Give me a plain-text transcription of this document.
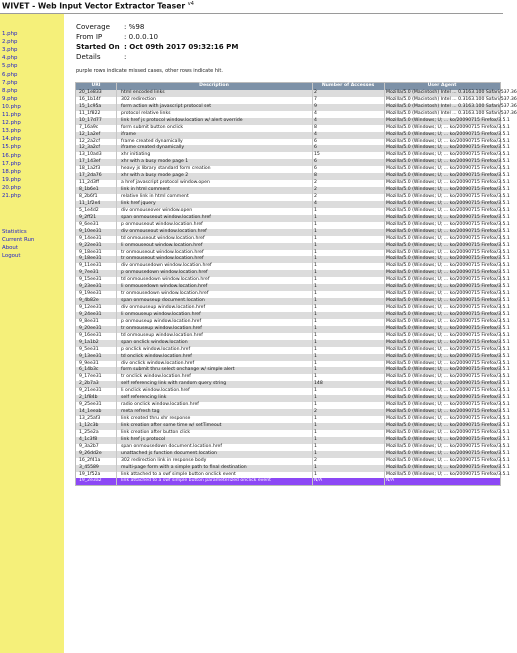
WIVET - Web Input Vector Extractor Teaser $^{v4}$
1.php
2.php
3.php
4.php
5.php
6.php
7.php
8.php
9.php
10.php
11.php
12.php
13.php
14.php
15.php
16.php
17.php
18.php
19.php
20.php
21.php
Statistics
Current Run
About
Logout
Coverage : %98
From IP	: 0.0.0.10
Started On : Oct 09th 2017 09:32:16 PM
Details	:
purple rows indicate missed cases, other rows indicate hit.
URI	Description	Number of Accesses	User Agent
20_1e833	html encoded links	2	Mozilla/5.0 (Macintosh) Intel ... 0.3163.100 Safari/537.36
16_1b14f	302 redirection	7	Mozilla/5.0 (Macintosh) Intel ... 0.3163.100 Safari/537.36
15_1c95a	form action with javascript protocol set	9	Mozilla/5.0 (Macintosh) Intel ... 0.3163.100 Safari/537.36
11_1f822	protocol relative links	4	Mozilla/5.0 (Macintosh) Intel ... 0.3163.100 Safari/537.36
10_17d77	link href js protocol window.location w/ alert override	4	Mozilla/5.0 (Windows; U; ... ko/20090715 Firefox/3.5.1
7_16a9c	form submit button onclick	8	Mozilla/5.0 (Windows; U; ... ko/20090715 Firefox/3.5.1
12_1a2ef	iframe	4	Mozilla/5.0 (Windows; U; ... ko/20090715 Firefox/3.5.1
12_2a2cf	frame created dynamically	6	Mozilla/5.0 (Windows; U; ... ko/20090715 Firefox/3.5.1
12_3a2cf	iframe created dynamically	6	Mozilla/5.0 (Windows; U; ... ko/20090715 Firefox/3.5.1
13_10ad3	xhr initiating	15	Mozilla/5.0 (Windows; U; ... ko/20090715 Firefox/3.5.1
17_143ef	xhr with a busy mode page 1	6	Mozilla/5.0 (Windows; U; ... ko/20090715 Firefox/3.5.1
18_1a2f3	heavy js library standard form creation	6	Mozilla/5.0 (Windows; U; ... ko/20090715 Firefox/3.5.1
17_2da76	xhr with a busy mode page 2	8	Mozilla/5.0 (Windows; U; ... ko/20090715 Firefox/3.5.1
11_2d3ff	a href javascript protocol window.open	2	Mozilla/5.0 (Windows; U; ... ko/20090715 Firefox/3.5.1
8_1b6e1	link in html comment	2	Mozilla/5.0 (Windows; U; ... ko/20090715 Firefox/3.5.1
8_2b6f1	relative link in html comment	2	Mozilla/5.0 (Windows; U; ... ko/20090715 Firefox/3.5.1
11_1f2e4	link href jquery	4	Mozilla/5.0 (Windows; U; ... ko/20090715 Firefox/3.5.1
5_1e4d2	div onmouseover window.open	1	Mozilla/5.0 (Windows; U; ... ko/20090715 Firefox/3.5.1
9_2ff21	span onmouseout window.location.href	1	Mozilla/5.0 (Windows; U; ... ko/20090715 Firefox/3.5.1
9_6ee31	p onmouseout window.location.href	1	Mozilla/5.0 (Windows; U; ... ko/20090715 Firefox/3.5.1
9_10ee31	div onmouseout window.location.href	1	Mozilla/5.0 (Windows; U; ... ko/20090715 Firefox/3.5.1
9_14ee31	td onmouseout window.location.href	1	Mozilla/5.0 (Windows; U; ... ko/20090715 Firefox/3.5.1
9_22ee31	li onmouseout window.location.href	1	Mozilla/5.0 (Windows; U; ... ko/20090715 Firefox/3.5.1
9_18ee31	tr onmouseout window.location.href	1	Mozilla/5.0 (Windows; U; ... ko/20090715 Firefox/3.5.1
9_18ee31	tr onmouseout window.location.href	1	Mozilla/5.0 (Windows; U; ... ko/20090715 Firefox/3.5.1
9_11ee31	div onmousedown window.location.href	1	Mozilla/5.0 (Windows; U; ... ko/20090715 Firefox/3.5.1
9_7ee31	p onmousedown window.location.href	1	Mozilla/5.0 (Windows; U; ... ko/20090715 Firefox/3.5.1
9_15ee31	td onmousedown window.location.href	1	Mozilla/5.0 (Windows; U; ... ko/20090715 Firefox/3.5.1
9_23ee31	li onmousedown window.location.href	1	Mozilla/5.0 (Windows; U; ... ko/20090715 Firefox/3.5.1
9_19ee31	tr onmousedown window.location.href	1	Mozilla/5.0 (Windows; U; ... ko/20090715 Firefox/3.5.1
9_4b82e	span onmouseup document.location	1	Mozilla/5.0 (Windows; U; ... ko/20090715 Firefox/3.5.1
9_12ee31	div onmouseup window.location.href	1	Mozilla/5.0 (Windows; U; ... ko/20090715 Firefox/3.5.1
9_24ee31	li onmouseup window.location.href	1	Mozilla/5.0 (Windows; U; ... ko/20090715 Firefox/3.5.1
9_8ee31	p onmouseup window.location.href	1	Mozilla/5.0 (Windows; U; ... ko/20090715 Firefox/3.5.1
9_20ee31	tr onmouseup window.location.href	1	Mozilla/5.0 (Windows; U; ... ko/20090715 Firefox/3.5.1
9_16ee31	td onmouseup window.location.href	1	Mozilla/5.0 (Windows; U; ... ko/20090715 Firefox/3.5.1
9_1a1b2	span onclick window.location	1	Mozilla/5.0 (Windows; U; ... ko/20090715 Firefox/3.5.1
9_5ee31	p onclick window.location.href	1	Mozilla/5.0 (Windows; U; ... ko/20090715 Firefox/3.5.1
9_13ee31	td onclick window.location.href	1	Mozilla/5.0 (Windows; U; ... ko/20090715 Firefox/3.5.1
9_9ee31	div onclick window.location.href	1	Mozilla/5.0 (Windows; U; ... ko/20090715 Firefox/3.5.1
6_14b3c	form submit thru select onchange w/ simple alert	1	Mozilla/5.0 (Windows; U; ... ko/20090715 Firefox/3.5.1
9_17ee31	tr onclick window.location.href	1	Mozilla/5.0 (Windows; U; ... ko/20090715 Firefox/3.5.1
2_2b7a3	self referencing link with random query string	148	Mozilla/5.0 (Windows; U; ... ko/20090715 Firefox/3.5.1
9_21ee31	li onclick window.location.href	1	Mozilla/5.0 (Windows; U; ... ko/20090715 Firefox/3.5.1
2_1f84b	self referencing link	1	Mozilla/5.0 (Windows; U; ... ko/20090715 Firefox/3.5.1
9_25ee31	radio onclick window.location.href	1	Mozilla/5.0 (Windows; U; ... ko/20090715 Firefox/3.5.1
14_1eeab	meta refresh tag	2	Mozilla/5.0 (Windows; U; ... ko/20090715 Firefox/3.5.1
13_25af3	link created thru xhr response	1	Mozilla/5.0 (Windows; U; ... ko/20090715 Firefox/3.5.1
1_12c3b	link creation after some time w/ setTimeout	1	Mozilla/5.0 (Windows; U; ... ko/20090715 Firefox/3.5.1
1_25e2a	link creation after button click	1	Mozilla/5.0 (Windows; U; ... ko/20090715 Firefox/3.5.1
4_1c3f8	link href js protocol	1	Mozilla/5.0 (Windows; U; ... ko/20090715 Firefox/3.5.1
9_3a2b7	span onmousedown document.location.href	1	Mozilla/5.0 (Windows; U; ... ko/20090715 Firefox/3.5.1
9_26dd2e	unattached js function document.location	1	Mozilla/5.0 (Windows; U; ... ko/20090715 Firefox/3.5.1
16_2f41a	302 redirection link in response body	2	Mozilla/5.0 (Windows; U; ... ko/20090715 Firefox/3.5.1
3_45589	multi-page form with a simple path to final destination	1	Mozilla/5.0 (Windows; U; ... ko/20090715 Firefox/3.5.1
19_1f52a	link attached to a swf simple button onclick event	1	Mozilla/5.0 (Windows; U; ... ko/20090715 Firefox/3.5.1
19_2e3a2	link attached to a swf simple button parameterized onclick event	N/A	N/A
